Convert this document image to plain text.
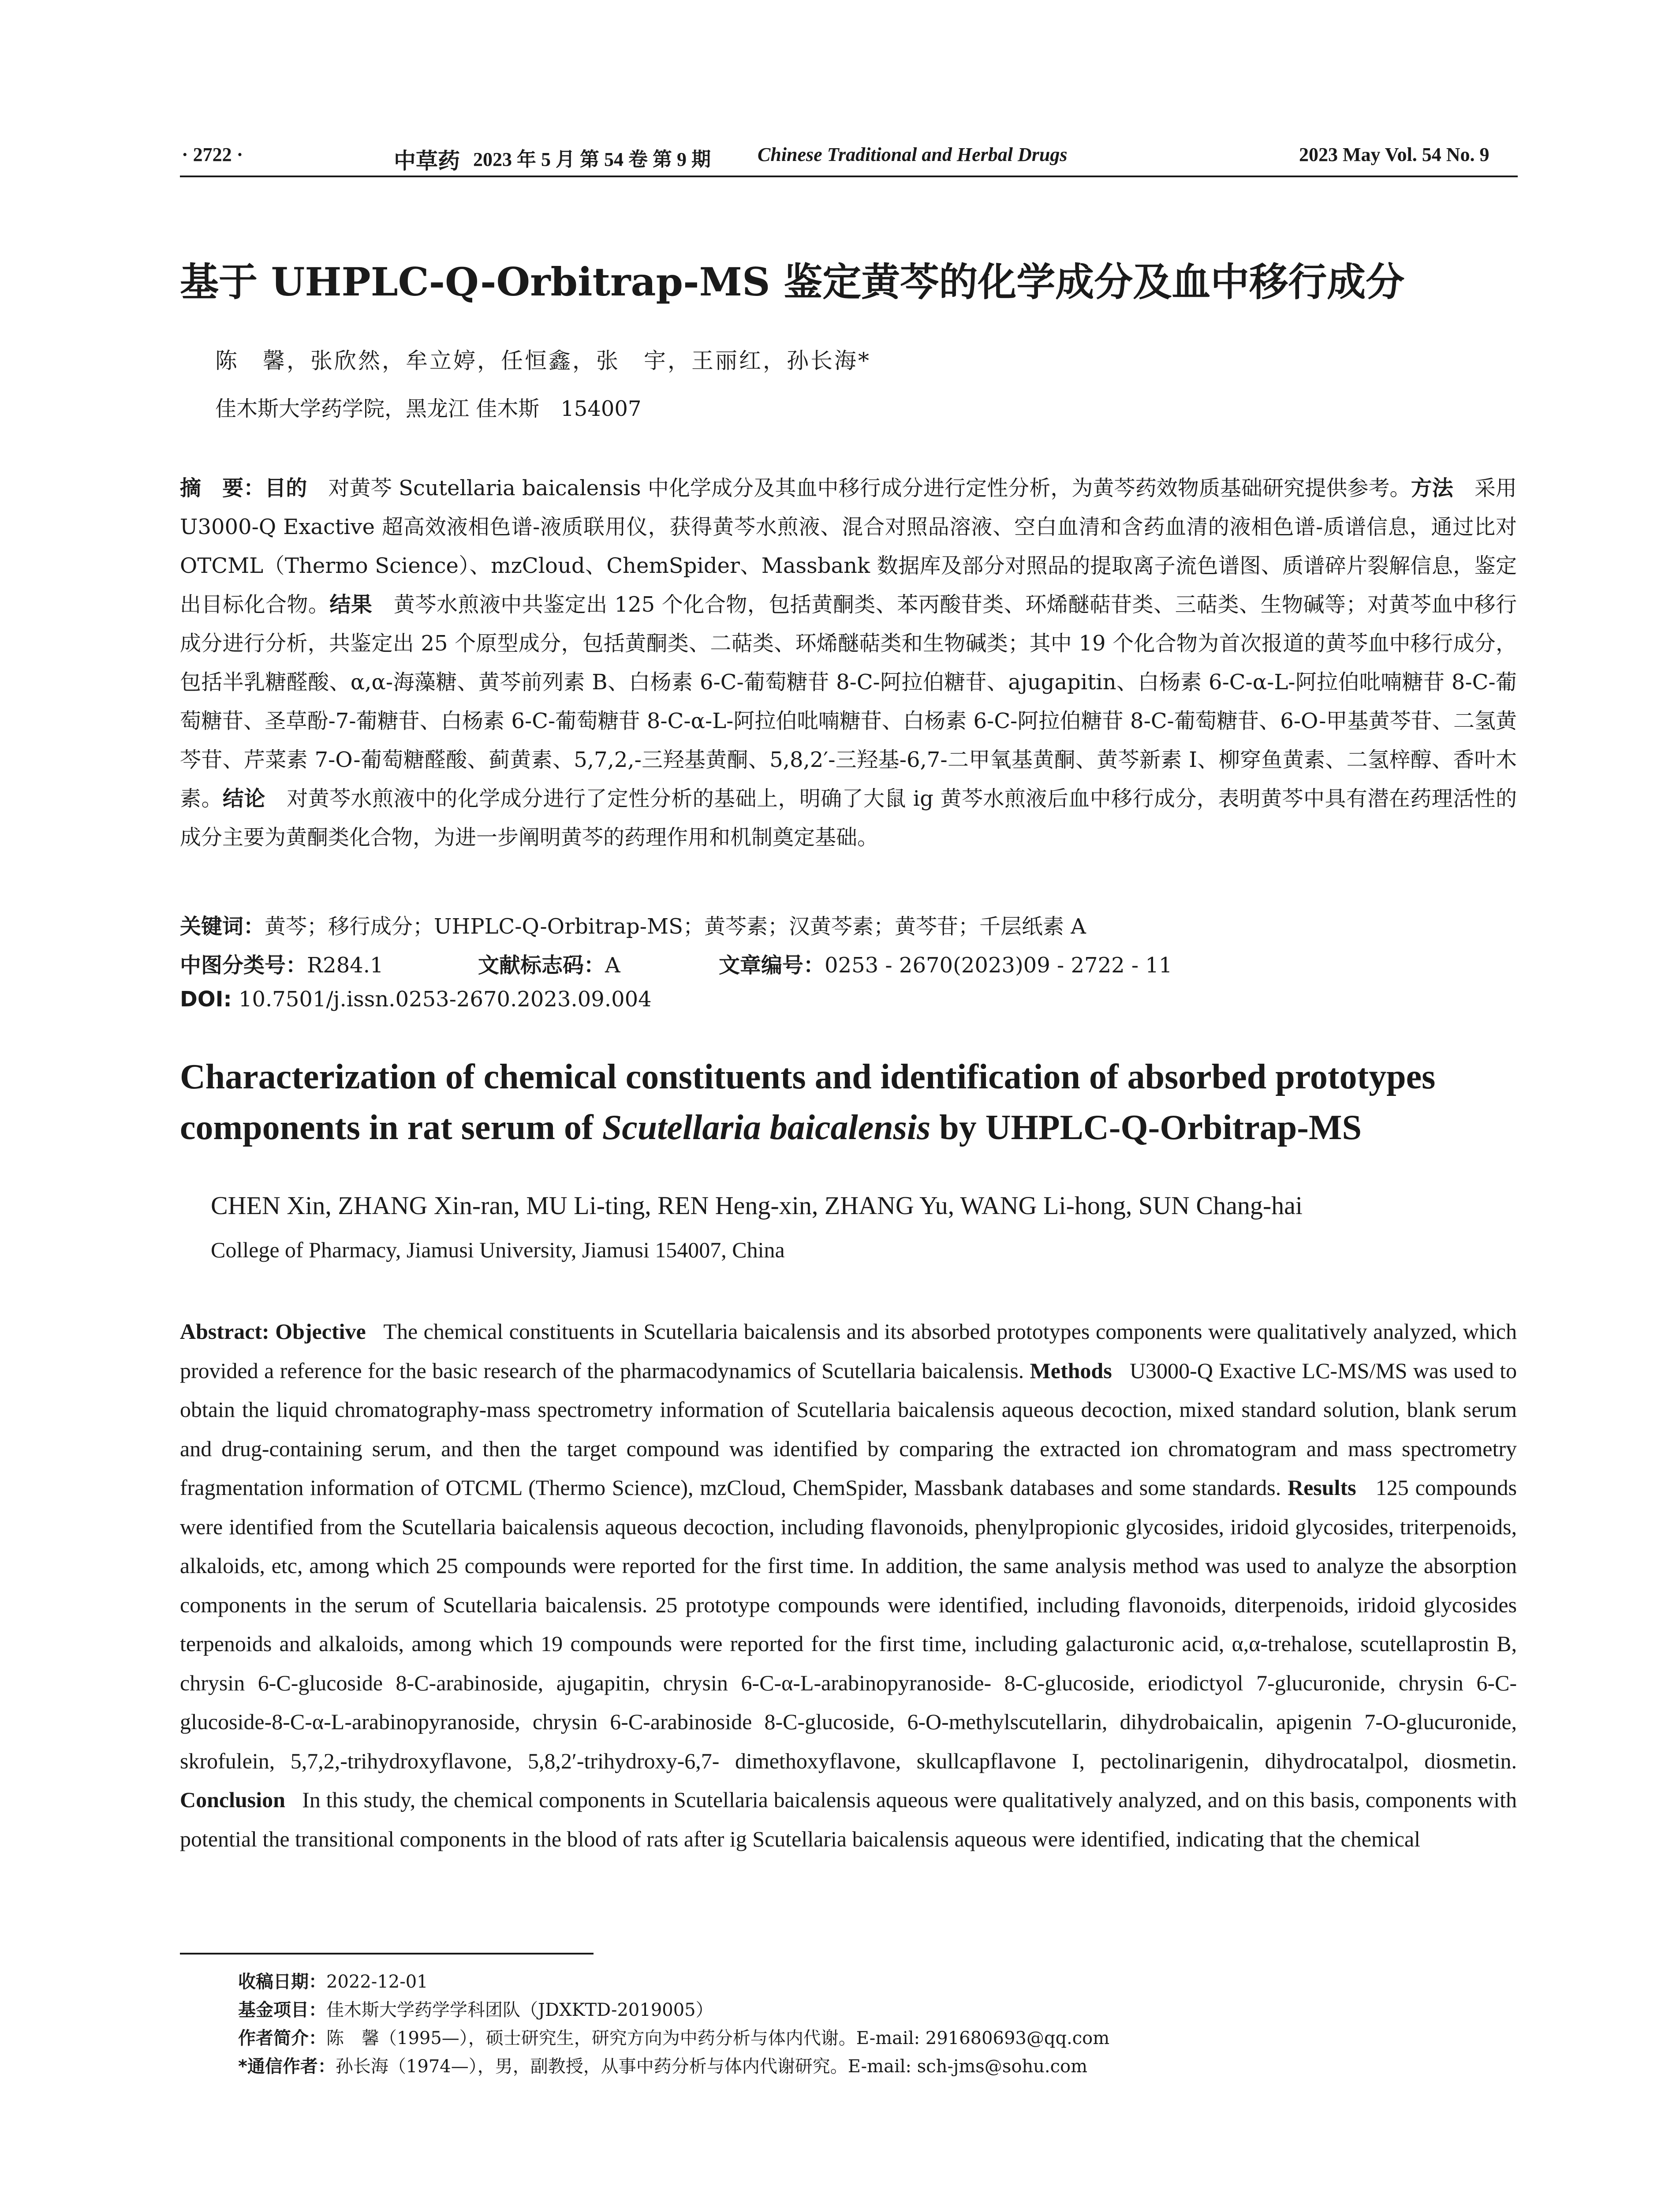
· 2722 ·	中草药 2023 年 5 月 第 54 卷 第 9 期 Chinese Traditional and Herbal Drugs	2023 May Vol. 54 No. 9
基于 UHPLC-Q-Orbitrap-MS 鉴定黄芩的化学成分及血中移行成分
陈　馨，张欣然，牟立婷，任恒鑫，张　宇，王丽红，孙长海*
佳木斯大学药学院，黑龙江 佳木斯　154007
摘　要：目的　 对黄芩 Scutellaria baicalensis 中化学成分及其血中移行成分进行定性分析，为黄芩药效物质基础研究提供参考。方法　 采用 U3000-Q Exactive 超高效液相色谱-液质联用仪，获得黄芩水煎液、混合对照品溶液、空白血清和含药血清的液相色谱-质谱信息，通过比对 OTCML（Thermo Science）、mzCloud、ChemSpider、Massbank 数据库及部分对照品的提取离子流色谱图、质谱碎片裂解信息，鉴定出目标化合物。结果　 黄芩水煎液中共鉴定出 125 个化合物，包括黄酮类、苯丙酸苷类、环烯醚萜苷类、三萜类、生物碱等；对黄芩血中移行成分进行分析，共鉴定出 25 个原型成分，包括黄酮类、二萜类、环烯醚萜类和生物碱类；其中 19 个化合物为首次报道的黄芩血中移行成分，包括半乳糖醛酸、α,α-海藻糖、黄芩前列素 B、白杨素 6-C-葡萄糖苷 8-C-阿拉伯糖苷、ajugapitin、白杨素 6-C-α-L-阿拉伯吡喃糖苷 8-C-葡萄糖苷、圣草酚-7-葡糖苷、白杨素 6-C-葡萄糖苷 8-C-α-L-阿拉伯吡喃糖苷、白杨素 6-C-阿拉伯糖苷 8-C-葡萄糖苷、6-O-甲基黄芩苷、二氢黄芩苷、芹菜素 7-O-葡萄糖醛酸、蓟黄素、5,7,2,-三羟基黄酮、5,8,2′-三羟基-6,7-二甲氧基黄酮、黄芩新素 I、柳穿鱼黄素、二氢梓醇、香叶木素。结论　 对黄芩水煎液中的化学成分进行了定性分析的基础上，明确了大鼠 ig 黄芩水煎液后血中移行成分，表明黄芩中具有潜在药理活性的成分主要为黄酮类化合物，为进一步阐明黄芩的药理作用和机制奠定基础。
关键词：黄芩；移行成分；UHPLC-Q-Orbitrap-MS；黄芩素；汉黄芩素；黄芩苷；千层纸素 A
中图分类号：R284.1	文献标志码：A	文章编号：0253 - 2670(2023)09 - 2722 - 11
DOI: 10.7501/j.issn.0253-2670.2023.09.004
Characterization of chemical constituents and identification of absorbed prototypes
components in rat serum of Scutellaria baicalensis by UHPLC-Q-Orbitrap-MS
CHEN Xin, ZHANG Xin-ran, MU Li-ting, REN Heng-xin, ZHANG Yu, WANG Li-hong, SUN Chang-hai
College of Pharmacy, Jiamusi University, Jiamusi 154007, China
Abstract: Objective The chemical constituents in Scutellaria baicalensis and its absorbed prototypes components were qualitatively analyzed, which provided a reference for the basic research of the pharmacodynamics of Scutellaria baicalensis. Methods U3000-Q Exactive LC-MS/MS was used to obtain the liquid chromatography-mass spectrometry information of Scutellaria baicalensis aqueous decoction, mixed standard solution, blank serum and drug-containing serum, and then the target compound was identified by comparing the extracted ion chromatogram and mass spectrometry fragmentation information of OTCML (Thermo Science), mzCloud, ChemSpider, Massbank databases and some standards. Results 125 compounds were identified from the Scutellaria baicalensis aqueous decoction, including flavonoids, phenylpropionic glycosides, iridoid glycosides, triterpenoids, alkaloids, etc, among which 25 compounds were reported for the first time. In addition, the same analysis method was used to analyze the absorption components in the serum of Scutellaria baicalensis. 25 prototype compounds were identified, including flavonoids, diterpenoids, iridoid glycosides terpenoids and alkaloids, among which 19 compounds were reported for the first time, including galacturonic acid, α,α-trehalose, scutellaprostin B, chrysin 6-C-glucoside 8-C-arabinoside, ajugapitin, chrysin 6-C-α-L-arabinopyranoside- 8-C-glucoside, eriodictyol 7-glucuronide, chrysin 6-C-glucoside-8-C-α-L-arabinopyranoside, chrysin 6-C-arabinoside 8-C-glucoside, 6-O-methylscutellarin, dihydrobaicalin, apigenin 7-O-glucuronide, skrofulein, 5,7,2,-trihydroxyflavone, 5,8,2′-trihydroxy-6,7- dimethoxyflavone, skullcapflavone I, pectolinarigenin, dihydrocatalpol, diosmetin. Conclusion In this study, the chemical components in Scutellaria baicalensis aqueous were qualitatively analyzed, and on this basis, components with potential the transitional components in the blood of rats after ig Scutellaria baicalensis aqueous were identified, indicating that the chemical
收稿日期：2022-12-01
基金项目：佳木斯大学药学学科团队（JDXKTD-2019005）
作者简介：陈　馨（1995—），硕士研究生，研究方向为中药分析与体内代谢。E-mail: 291680693@qq.com
*通信作者：孙长海（1974—），男，副教授，从事中药分析与体内代谢研究。E-mail: sch-jms@sohu.com
